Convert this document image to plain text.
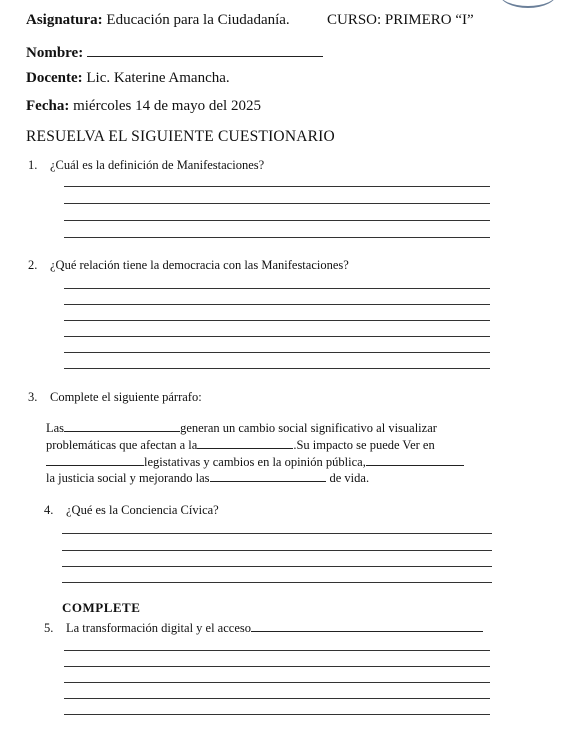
Asignatura: Educación para la Ciudadanía. CURSO: PRIMERO “I”
Nombre:
Docente: Lic. Katerine Amancha.
Fecha: miércoles 14 de mayo del 2025
RESUELVA EL SIGUIENTE CUESTIONARIO
1. ¿Cuál es la definición de Manifestaciones?
2. ¿Qué relación tiene la democracia con las Manifestaciones?
3. Complete el siguiente párrafo:
Las	generan un cambio social significativo al visualizar
problemáticas que afectan a la	.Su impacto se puede Ver en
legistativas y cambios en la opinión pública,
la justicia social y mejorando las	de vida.
4. ¿Qué es la Conciencia Cívica?
COMPLETE
5. La transformación digital y el acceso
